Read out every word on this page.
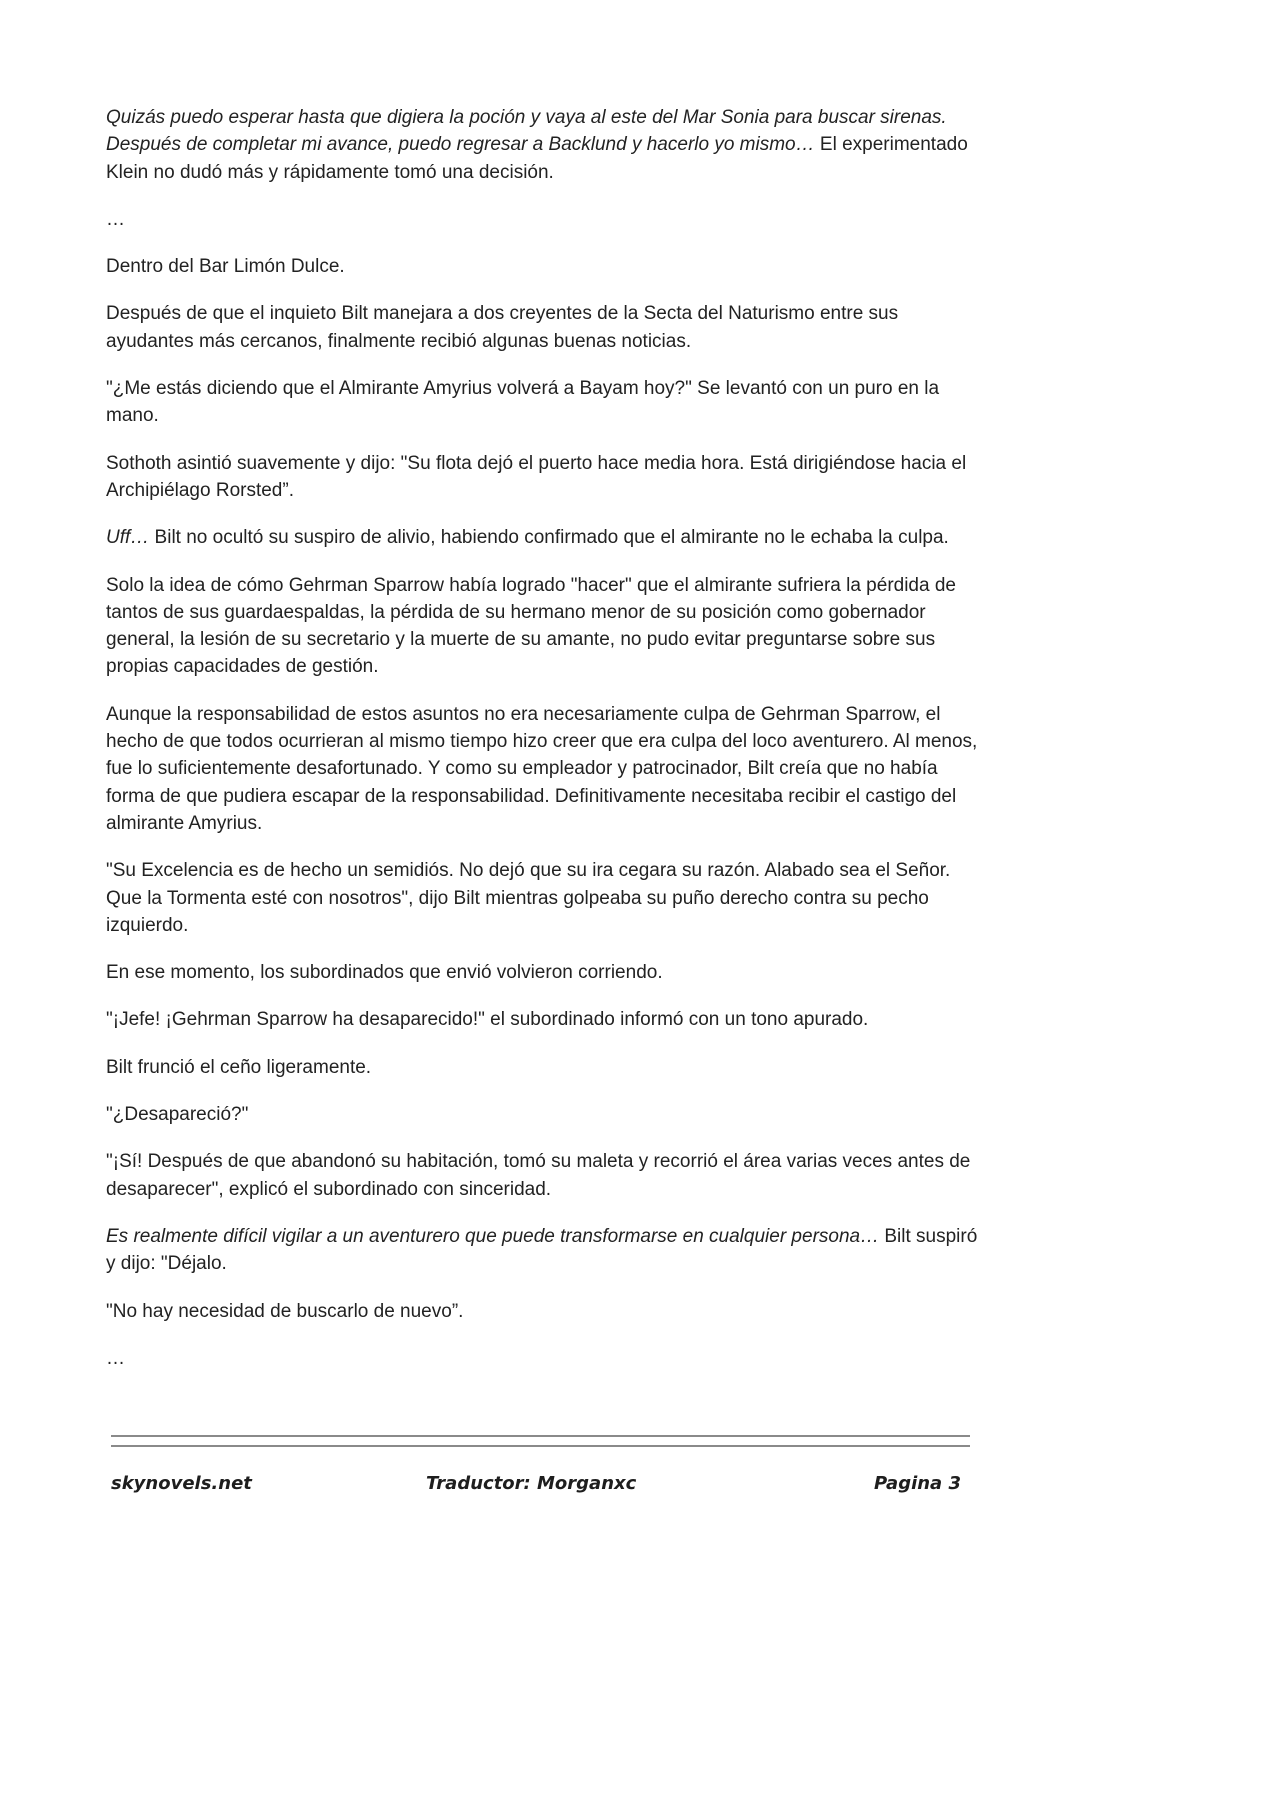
Quizás puedo esperar hasta que digiera la poción y vaya al este del Mar Sonia para buscar sirenas. Después de completar mi avance, puedo regresar a Backlund y hacerlo yo mismo… El experimentado Klein no dudó más y rápidamente tomó una decisión.

…

Dentro del Bar Limón Dulce.

Después de que el inquieto Bilt manejara a dos creyentes de la Secta del Naturismo entre sus ayudantes más cercanos, finalmente recibió algunas buenas noticias.

"¿Me estás diciendo que el Almirante Amyrius volverá a Bayam hoy?" Se levantó con un puro en la mano.

Sothoth asintió suavemente y dijo: "Su flota dejó el puerto hace media hora. Está dirigiéndose hacia el Archipiélago Rorsted”.

Uff… Bilt no ocultó su suspiro de alivio, habiendo confirmado que el almirante no le echaba la culpa.

Solo la idea de cómo Gehrman Sparrow había logrado "hacer" que el almirante sufriera la pérdida de tantos de sus guardaespaldas, la pérdida de su hermano menor de su posición como gobernador general, la lesión de su secretario y la muerte de su amante, no pudo evitar preguntarse sobre sus propias capacidades de gestión.

Aunque la responsabilidad de estos asuntos no era necesariamente culpa de Gehrman Sparrow, el hecho de que todos ocurrieran al mismo tiempo hizo creer que era culpa del loco aventurero. Al menos, fue lo suficientemente desafortunado. Y como su empleador y patrocinador, Bilt creía que no había forma de que pudiera escapar de la responsabilidad. Definitivamente necesitaba recibir el castigo del almirante Amyrius.

"Su Excelencia es de hecho un semidiós. No dejó que su ira cegara su razón. Alabado sea el Señor. Que la Tormenta esté con nosotros", dijo Bilt mientras golpeaba su puño derecho contra su pecho izquierdo.

En ese momento, los subordinados que envió volvieron corriendo.

"¡Jefe! ¡Gehrman Sparrow ha desaparecido!" el subordinado informó con un tono apurado.

Bilt frunció el ceño ligeramente.

"¿Desapareció?"

"¡Sí! Después de que abandonó su habitación, tomó su maleta y recorrió el área varias veces antes de desaparecer", explicó el subordinado con sinceridad.

Es realmente difícil vigilar a un aventurero que puede transformarse en cualquier persona… Bilt suspiró y dijo: "Déjalo.

"No hay necesidad de buscarlo de nuevo”.

…

skynovels.net	Traductor: Morganxc	Pagina 3
